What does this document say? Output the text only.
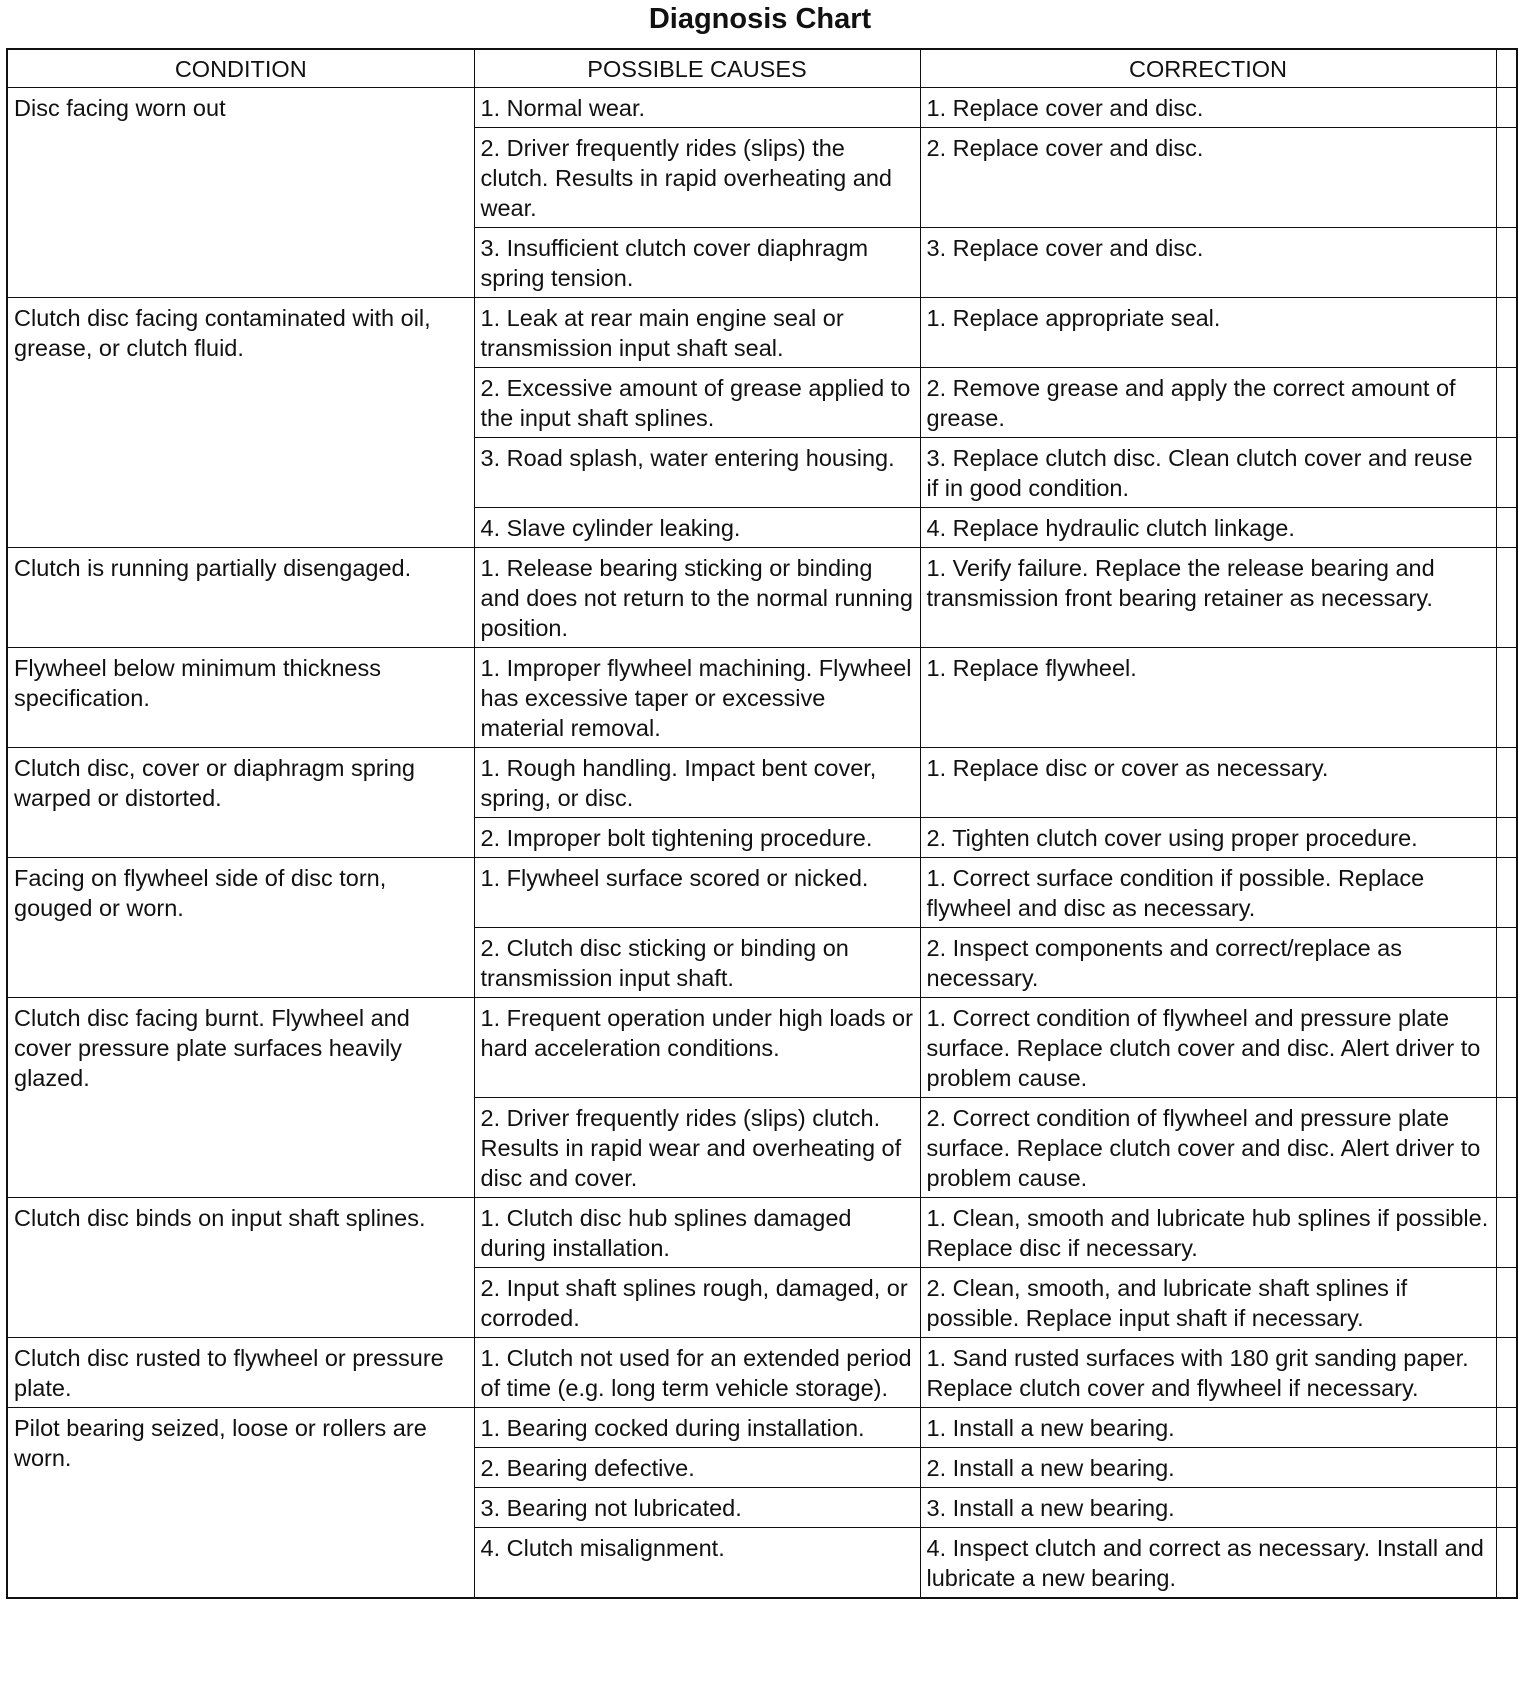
Diagnosis Chart
CONDITION	POSSIBLE CAUSES	CORRECTION	
Disc facing worn out	1. Normal wear.	1. Replace cover and disc.	
	2. Driver frequently rides (slips) the clutch. Results in rapid overheating and wear.	2. Replace cover and disc.	
	3. Insufficient clutch cover diaphragm spring tension.	3. Replace cover and disc.	
Clutch disc facing contaminated with oil, grease, or clutch fluid.	1. Leak at rear main engine seal or transmission input shaft seal.	1. Replace appropriate seal.	
	2. Excessive amount of grease applied to the input shaft splines.	2. Remove grease and apply the correct amount of grease.	
	3. Road splash, water entering housing.	3. Replace clutch disc. Clean clutch cover and reuse if in good condition.	
	4. Slave cylinder leaking.	4. Replace hydraulic clutch linkage.	
Clutch is running partially disengaged.	1. Release bearing sticking or binding and does not return to the normal running position.	1. Verify failure. Replace the release bearing and transmission front bearing retainer as necessary.	
Flywheel below minimum thickness specification.	1. Improper flywheel machining. Flywheel has excessive taper or excessive material removal.	1. Replace flywheel.	
Clutch disc, cover or diaphragm spring warped or distorted.	1. Rough handling. Impact bent cover, spring, or disc.	1. Replace disc or cover as necessary.	
	2. Improper bolt tightening procedure.	2. Tighten clutch cover using proper procedure.	
Facing on flywheel side of disc torn, gouged or worn.	1. Flywheel surface scored or nicked.	1. Correct surface condition if possible. Replace flywheel and disc as necessary.	
	2. Clutch disc sticking or binding on transmission input shaft.	2. Inspect components and correct/replace as necessary.	
Clutch disc facing burnt. Flywheel and cover pressure plate surfaces heavily glazed.	1. Frequent operation under high loads or hard acceleration conditions.	1. Correct condition of flywheel and pressure plate surface. Replace clutch cover and disc. Alert driver to problem cause.	
	2. Driver frequently rides (slips) clutch. Results in rapid wear and overheating of disc and cover.	2. Correct condition of flywheel and pressure plate surface. Replace clutch cover and disc. Alert driver to problem cause.	
Clutch disc binds on input shaft splines.	1. Clutch disc hub splines damaged during installation.	1. Clean, smooth and lubricate hub splines if possible. Replace disc if necessary.	
	2. Input shaft splines rough, damaged, or corroded.	2. Clean, smooth, and lubricate shaft splines if possible. Replace input shaft if necessary.	
Clutch disc rusted to flywheel or pressure plate.	1. Clutch not used for an extended period of time (e.g. long term vehicle storage).	1. Sand rusted surfaces with 180 grit sanding paper. Replace clutch cover and flywheel if necessary.	
Pilot bearing seized, loose or rollers are worn.	1. Bearing cocked during installation.	1. Install a new bearing.	
	2. Bearing defective.	2. Install a new bearing.	
	3. Bearing not lubricated.	3. Install a new bearing.	
	4. Clutch misalignment.	4. Inspect clutch and correct as necessary. Install and lubricate a new bearing.	
